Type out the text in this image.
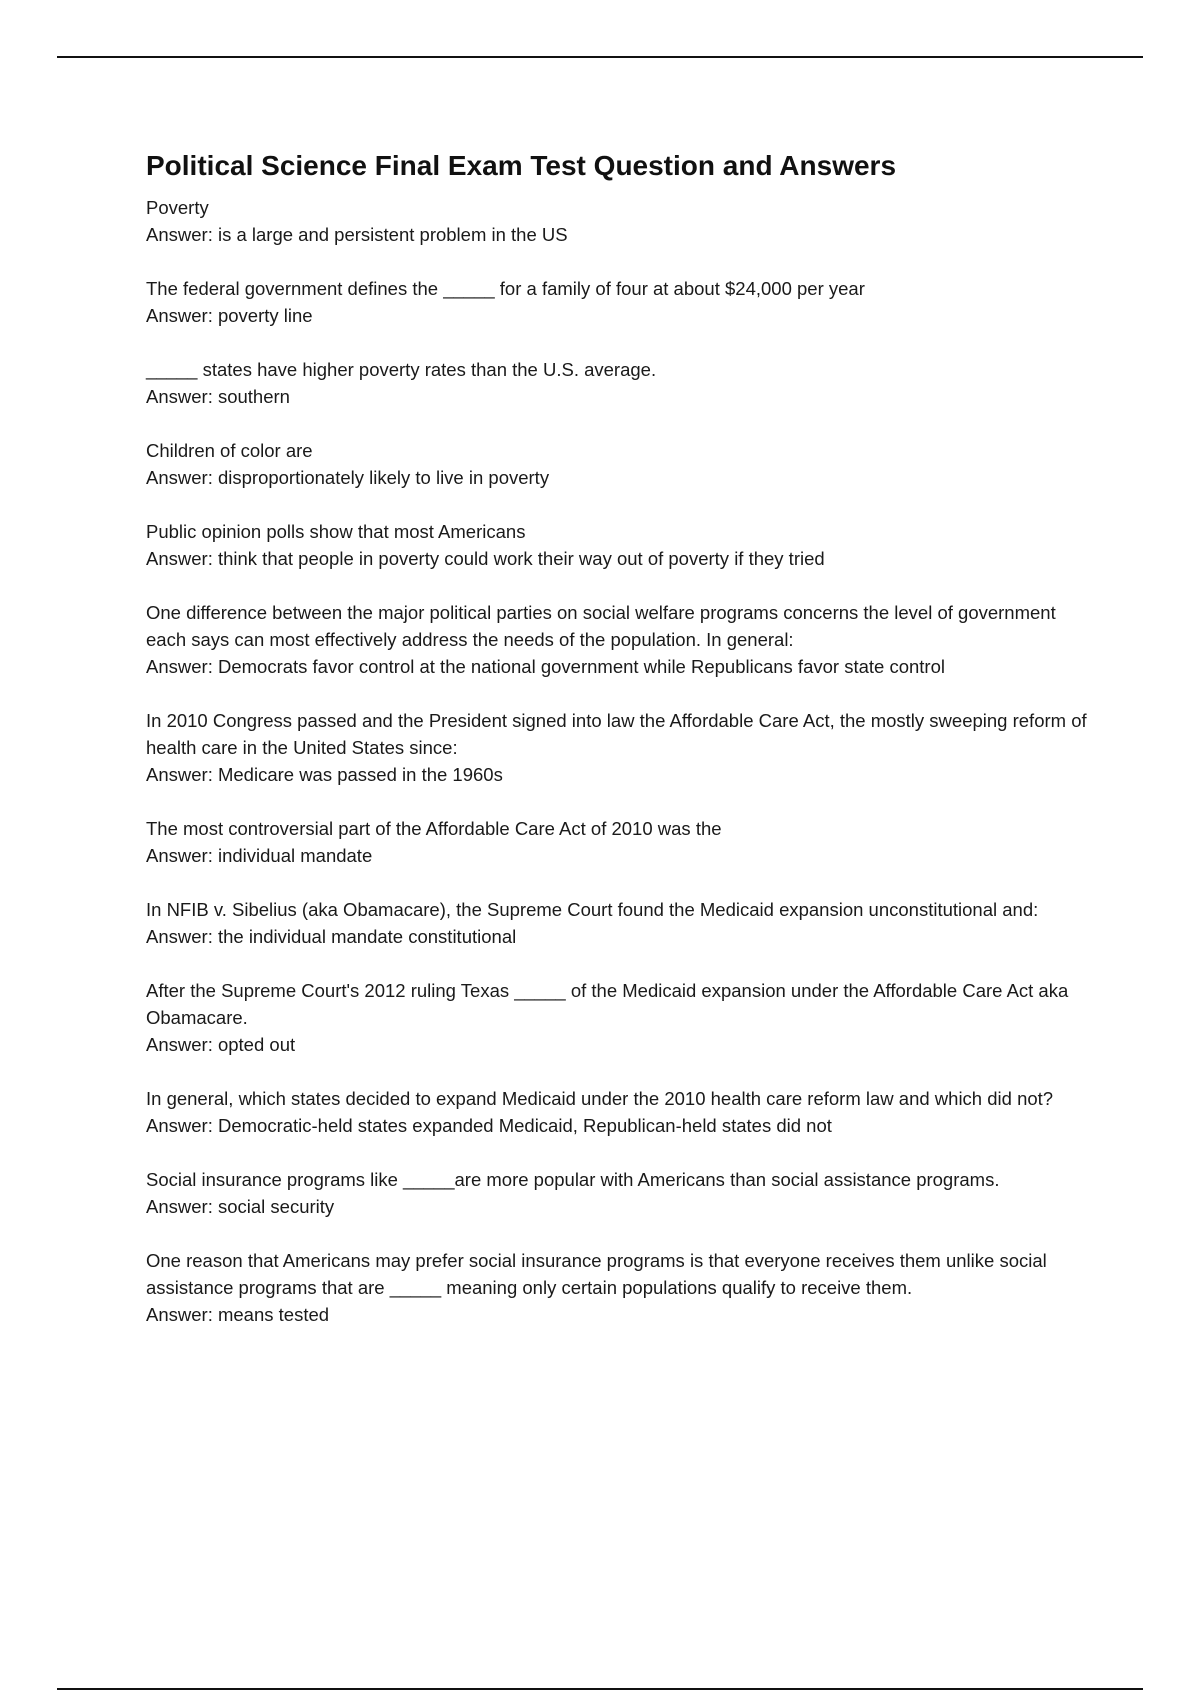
Political Science Final Exam Test Question and Answers
Poverty
Answer: is a large and persistent problem in the US
The federal government defines the _____ for a family of four at about $24,000 per year
Answer: poverty line
_____ states have higher poverty rates than the U.S. average.
Answer: southern
Children of color are
Answer: disproportionately likely to live in poverty
Public opinion polls show that most Americans
Answer: think that people in poverty could work their way out of poverty if they tried
One difference between the major political parties on social welfare programs concerns the level of government each says can most effectively address the needs of the population. In general:
Answer: Democrats favor control at the national government while Republicans favor state control
In 2010 Congress passed and the President signed into law the Affordable Care Act, the mostly sweeping reform of health care in the United States since:
Answer: Medicare was passed in the 1960s
The most controversial part of the Affordable Care Act of 2010 was the
Answer: individual mandate
In NFIB v. Sibelius (aka Obamacare), the Supreme Court found the Medicaid expansion unconstitutional and:
Answer: the individual mandate constitutional
After the Supreme Court's 2012 ruling Texas _____ of the Medicaid expansion under the Affordable Care Act aka Obamacare.
Answer: opted out
In general, which states decided to expand Medicaid under the 2010 health care reform law and which did not?
Answer: Democratic-held states expanded Medicaid, Republican-held states did not
Social insurance programs like _____are more popular with Americans than social assistance programs.
Answer: social security
One reason that Americans may prefer social insurance programs is that everyone receives them unlike social assistance programs that are _____ meaning only certain populations qualify to receive them.
Answer: means tested
